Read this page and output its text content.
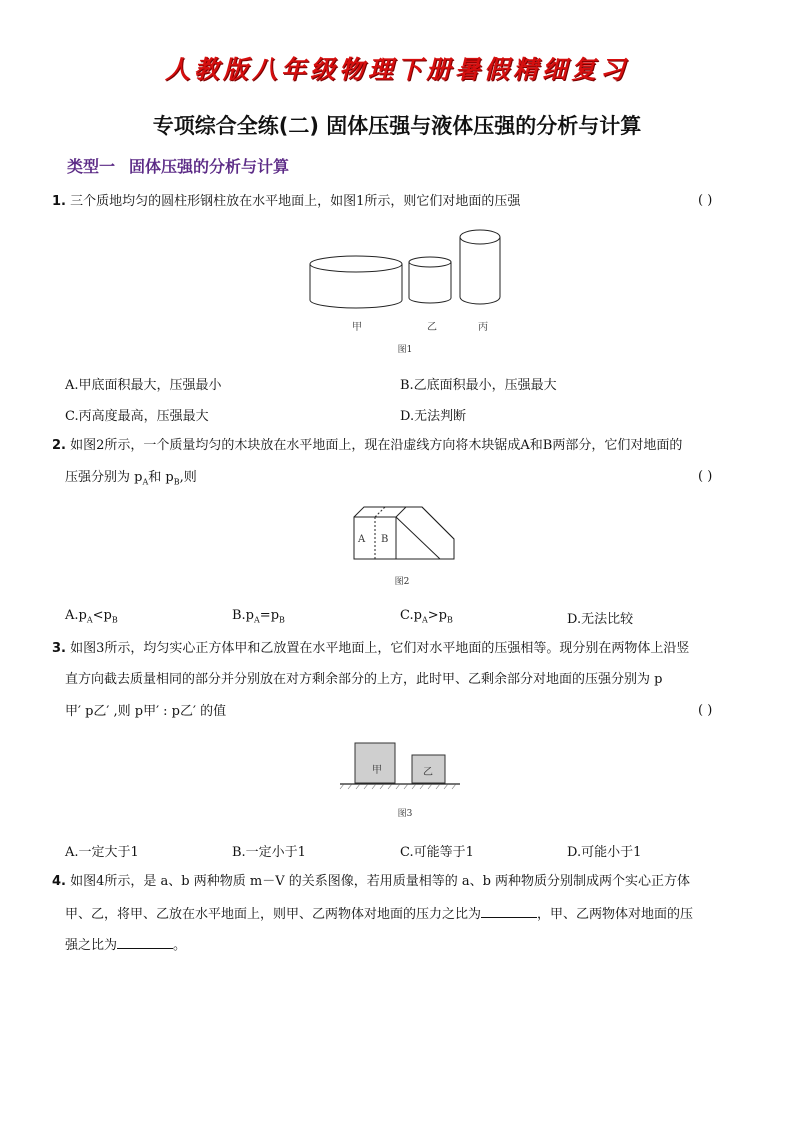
人教版八年级物理下册暑假精细复习
专项综合全练(二) 固体压强与液体压强的分析与计算
类型一 固体压强的分析与计算
1. 三个质地均匀的圆柱形钢柱放在水平地面上，如图1所示，则它们对地面的压强	( )
甲	乙	丙
图1
A.甲底面积最大，压强最小	B.乙底面积最小，压强最大
C.丙高度最高，压强最大	D.无法判断
2. 如图2所示，一个质量均匀的木块放在水平地面上，现在沿虚线方向将木块锯成A和B两部分，它们对地面的
压强分别为 $p_A$和 $p_B$,则	( )
A B
图2
$A.p_A<p_B$	$B.p_A=p_B$	$C.p_A>p_B$	D.无法比较
3. 如图3所示，均匀实心正方体甲和乙放置在水平地面上，它们对水平地面的压强相等。现分别在两物体上沿竖
直方向截去质量相同的部分并分别放在对方剩余部分的上方，此时甲、乙剩余部分对地面的压强分别为 p
甲′ p乙′ ,则 p甲′ : p乙′ 的值	( )
甲	乙
图3
A.一定大于1	B.一定小于1	C.可能等于1	D.可能小于1
4. 如图4所示，是 a、b 两种物质 m－V 的关系图像，若用质量相等的 a、b 两种物质分别制成两个实心正方体
甲、乙，将甲、乙放在水平地面上，则甲、乙两物体对地面的压力之比为	，甲、乙两物体对地面的压
强之比为	。
